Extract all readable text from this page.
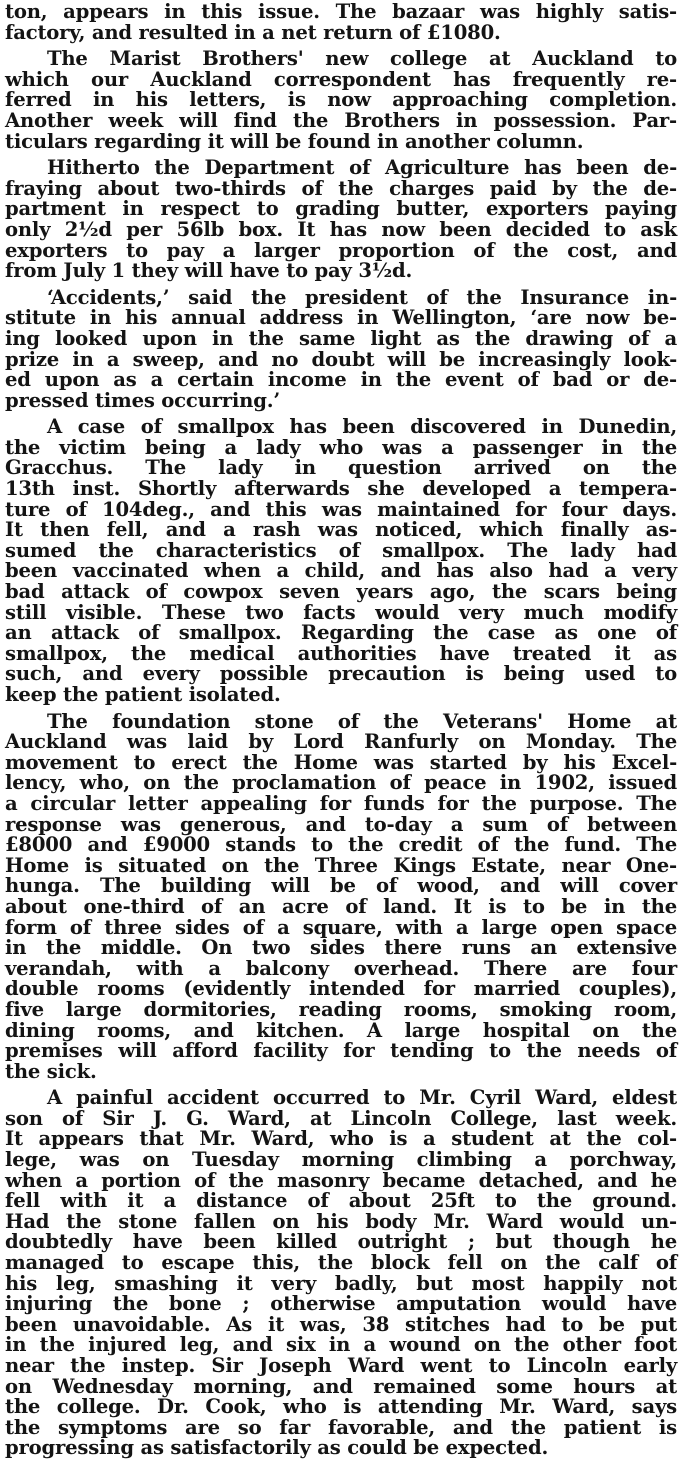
ton, appears in this issue. The bazaar was highly satis-
factory, and resulted in a net return of £1080.
The Marist Brothers' new college at Auckland to
which our Auckland correspondent has frequently re-
ferred in his letters, is now approaching completion.
Another week will find the Brothers in possession. Par-
ticulars regarding it will be found in another column.
Hitherto the Department of Agriculture has been de-
fraying about two-thirds of the charges paid by the de-
partment in respect to grading butter, exporters paying
only 2½d per 56lb box. It has now been decided to ask
exporters to pay a larger proportion of the cost, and
from July 1 they will have to pay 3½d.
‘Accidents,’ said the president of the Insurance in-
stitute in his annual address in Wellington, ‘are now be-
ing looked upon in the same light as the drawing of a
prize in a sweep, and no doubt will be increasingly look-
ed upon as a certain income in the event of bad or de-
pressed times occurring.’
A case of smallpox has been discovered in Dunedin,
the victim being a lady who was a passenger in the
Gracchus. The lady in question arrived on the
13th inst. Shortly afterwards she developed a tempera-
ture of 104deg., and this was maintained for four days.
It then fell, and a rash was noticed, which finally as-
sumed the characteristics of smallpox. The lady had
been vaccinated when a child, and has also had a very
bad attack of cowpox seven years ago, the scars being
still visible. These two facts would very much modify
an attack of smallpox. Regarding the case as one of
smallpox, the medical authorities have treated it as
such, and every possible precaution is being used to
keep the patient isolated.
The foundation stone of the Veterans' Home at
Auckland was laid by Lord Ranfurly on Monday. The
movement to erect the Home was started by his Excel-
lency, who, on the proclamation of peace in 1902, issued
a circular letter appealing for funds for the purpose. The
response was generous, and to-day a sum of between
£8000 and £9000 stands to the credit of the fund. The
Home is situated on the Three Kings Estate, near One-
hunga. The building will be of wood, and will cover
about one-third of an acre of land. It is to be in the
form of three sides of a square, with a large open space
in the middle. On two sides there runs an extensive
verandah, with a balcony overhead. There are four
double rooms (evidently intended for married couples),
five large dormitories, reading rooms, smoking room,
dining rooms, and kitchen. A large hospital on the
premises will afford facility for tending to the needs of
the sick.
A painful accident occurred to Mr. Cyril Ward, eldest
son of Sir J. G. Ward, at Lincoln College, last week.
It appears that Mr. Ward, who is a student at the col-
lege, was on Tuesday morning climbing a porchway,
when a portion of the masonry became detached, and he
fell with it a distance of about 25ft to the ground.
Had the stone fallen on his body Mr. Ward would un-
doubtedly have been killed outright ; but though he
managed to escape this, the block fell on the calf of
his leg, smashing it very badly, but most happily not
injuring the bone ; otherwise amputation would have
been unavoidable. As it was, 38 stitches had to be put
in the injured leg, and six in a wound on the other foot
near the instep. Sir Joseph Ward went to Lincoln early
on Wednesday morning, and remained some hours at
the college. Dr. Cook, who is attending Mr. Ward, says
the symptoms are so far favorable, and the patient is
progressing as satisfactorily as could be expected.
